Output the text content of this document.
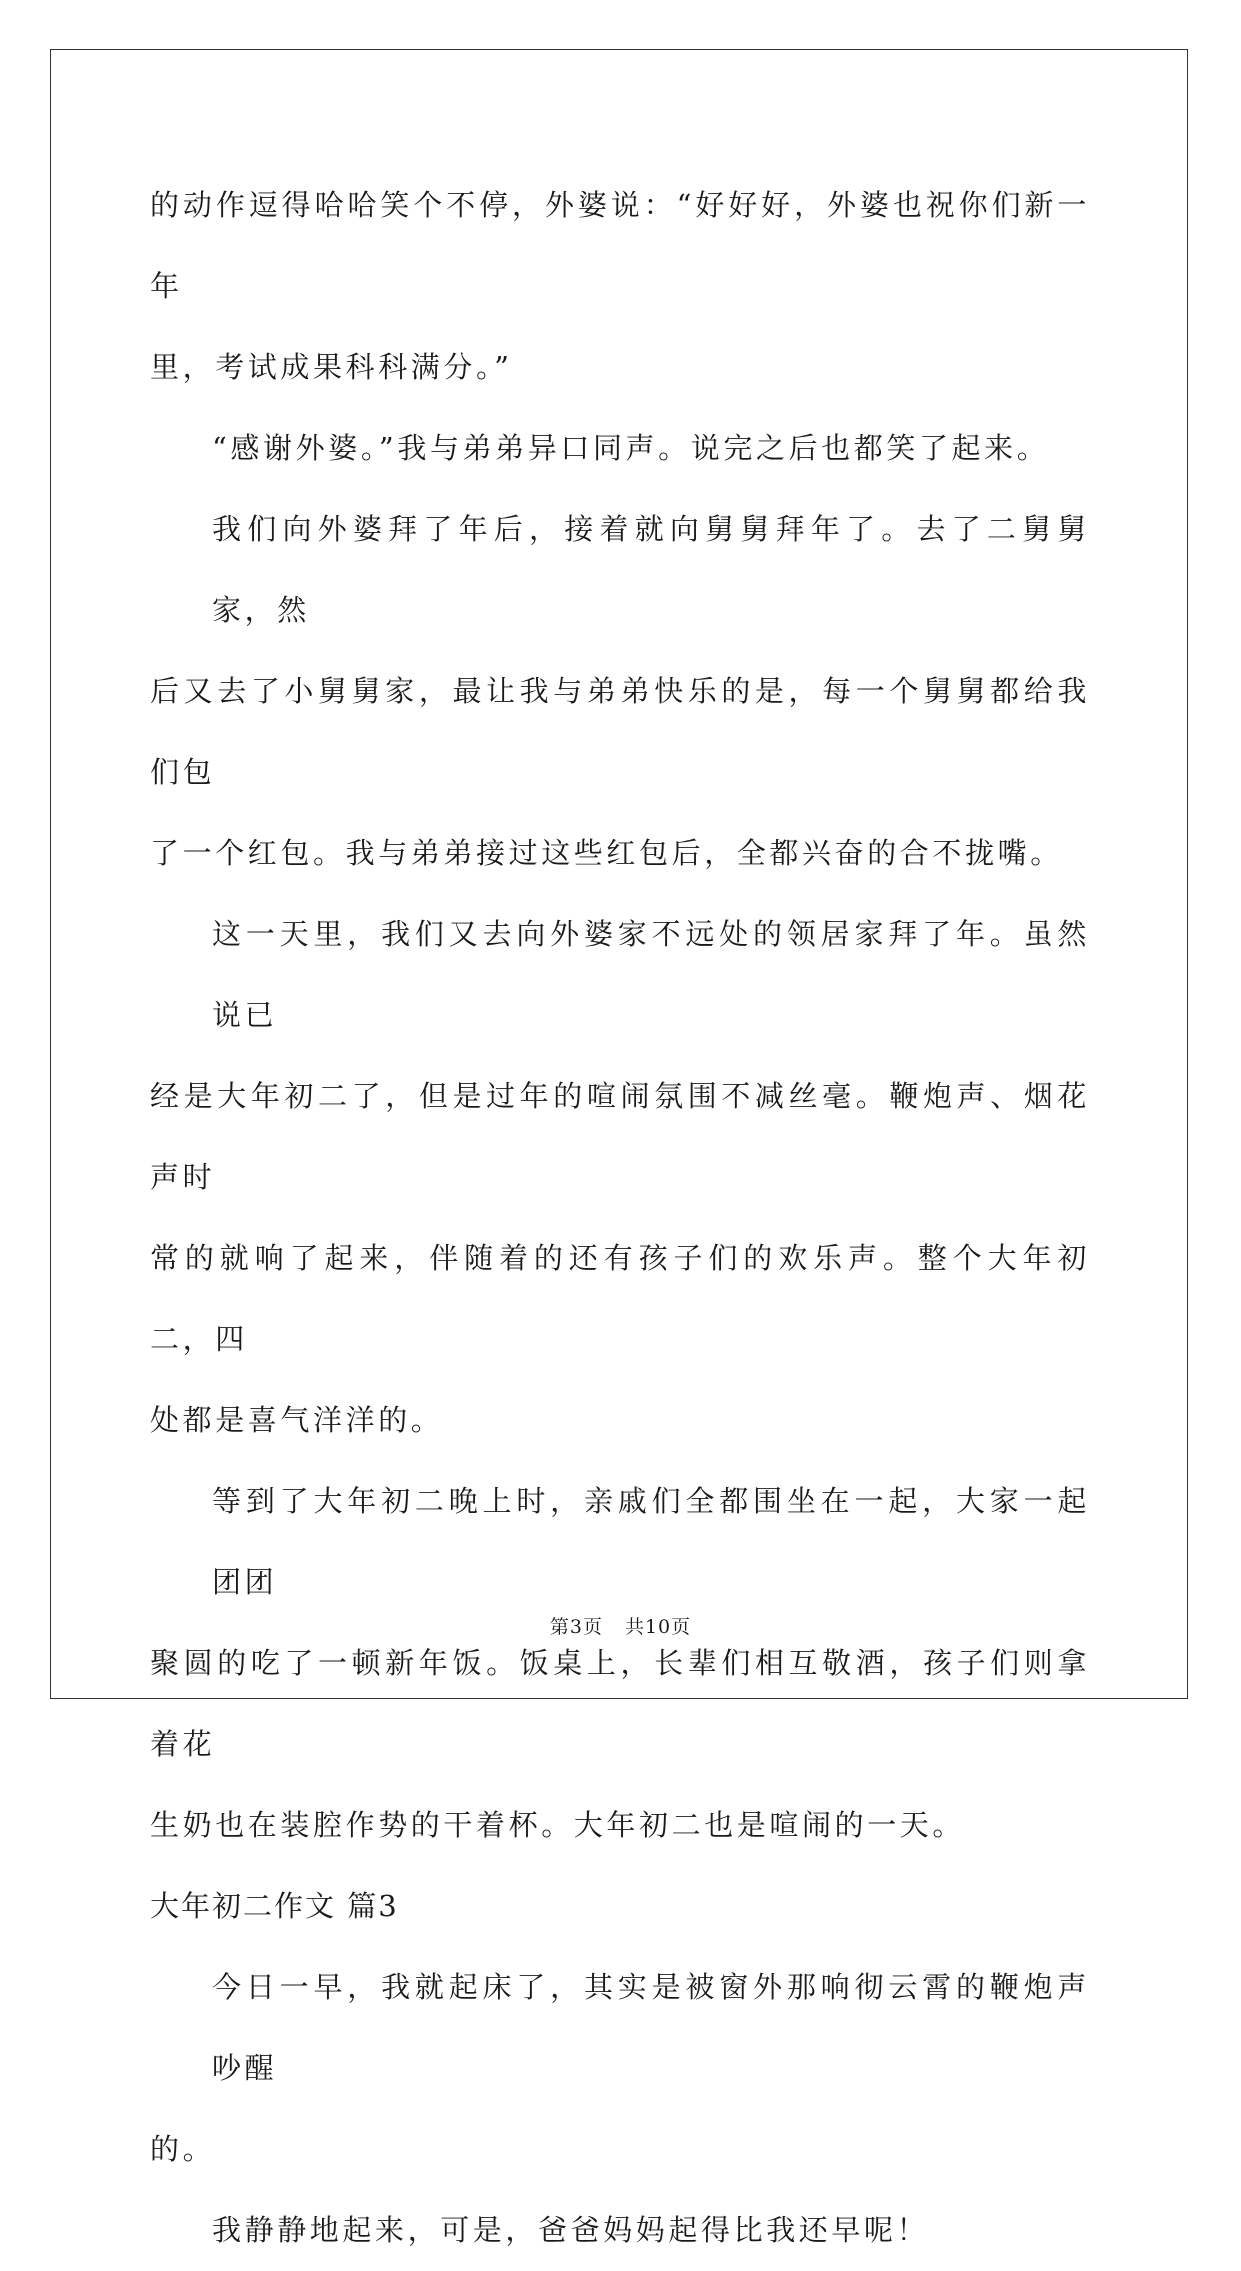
的动作逗得哈哈笑个不停，外婆说：“好好好，外婆也祝你们新一年
里，考试成果科科满分。”
“感谢外婆。”我与弟弟异口同声。说完之后也都笑了起来。
我们向外婆拜了年后，接着就向舅舅拜年了。去了二舅舅家，然
后又去了小舅舅家，最让我与弟弟快乐的是，每一个舅舅都给我们包
了一个红包。我与弟弟接过这些红包后，全都兴奋的合不拢嘴。
这一天里，我们又去向外婆家不远处的领居家拜了年。虽然说已
经是大年初二了，但是过年的喧闹氛围不减丝毫。鞭炮声、烟花声时
常的就响了起来，伴随着的还有孩子们的欢乐声。整个大年初二，四
处都是喜气洋洋的。
等到了大年初二晚上时，亲戚们全都围坐在一起，大家一起团团
聚圆的吃了一顿新年饭。饭桌上，长辈们相互敬酒，孩子们则拿着花
生奶也在装腔作势的干着杯。大年初二也是喧闹的一天。
大年初二作文 篇3
今日一早，我就起床了，其实是被窗外那响彻云霄的鞭炮声吵醒
的。
我静静地起来，可是，爸爸妈妈起得比我还早呢！
第3页 共10页
